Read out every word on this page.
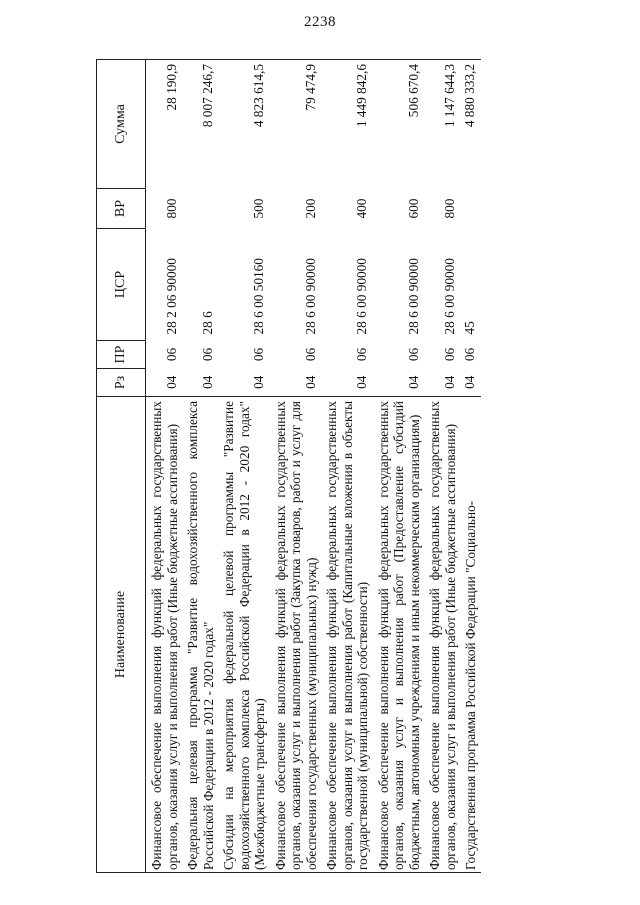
2238
Наименование	Рз	ПР	ЦСР	ВР	Сумма
Финансовое обеспечение выполнения функций федеральных государственных органов, оказания услуг и выполнения работ (Иные бюджетные ассигнования)	04	06	28 2 06 90000	800	28 190,9
Федеральная целевая программа "Развитие водохозяйственного комплекса Российской Федерации в 2012 - 2020 годах"	04	06	28 6		8 007 246,7
Субсидии на мероприятия федеральной целевой программы "Развитие водохозяйственного комплекса Российской Федерации в 2012 - 2020 годах" (Межбюджетные трансферты)	04	06	28 6 00 50160	500	4 823 614,5
Финансовое обеспечение выполнения функций федеральных государственных органов, оказания услуг и выполнения работ (Закупка товаров, работ и услуг для обеспечения государственных (муниципальных) нужд)	04	06	28 6 00 90000	200	79 474,9
Финансовое обеспечение выполнения функций федеральных государственных органов, оказания услуг и выполнения работ (Капитальные вложения в объекты государственной (муниципальной) собственности)	04	06	28 6 00 90000	400	1 449 842,6
Финансовое обеспечение выполнения функций федеральных государственных органов, оказания услуг и выполнения работ (Предоставление субсидий бюджетным, автономным учреждениям и иным некоммерческим организациям)	04	06	28 6 00 90000	600	506 670,4
Финансовое обеспечение выполнения функций федеральных государственных органов, оказания услуг и выполнения работ (Иные бюджетные ассигнования)	04	06	28 6 00 90000	800	1 147 644,3
Государственная программа Российской Федерации "Социально-	04	06	45		4 880 333,2
